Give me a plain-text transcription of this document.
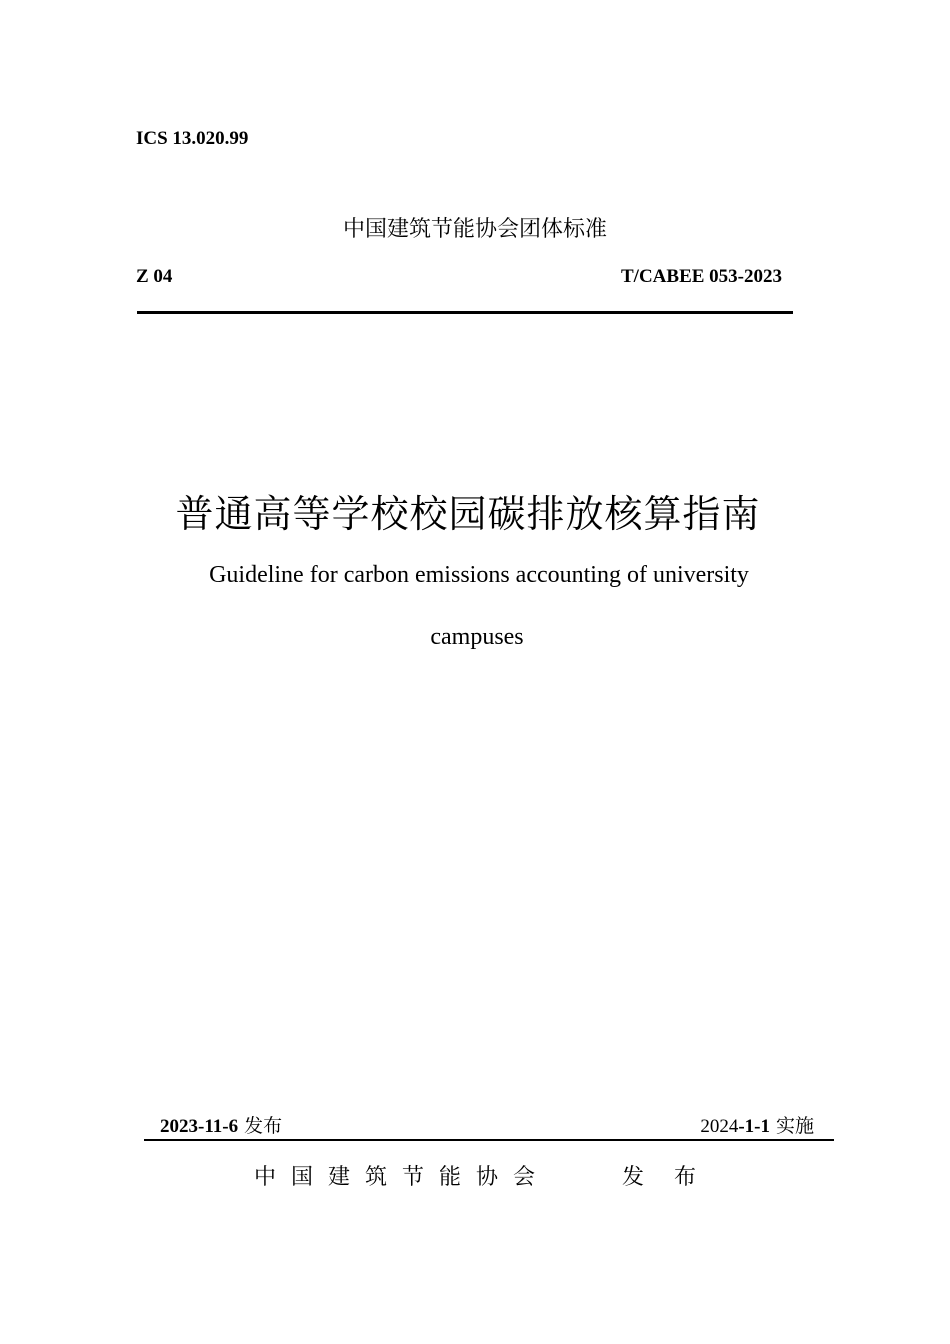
ICS 13.020.99
中国建筑节能协会团体标准
Z 04	T/CABEE 053-2023
普通高等学校校园碳排放核算指南
Guideline for carbon emissions accounting of university
campuses
2023-11-6 发布	2024-1-1 实施
中国建筑节能协会	发布
